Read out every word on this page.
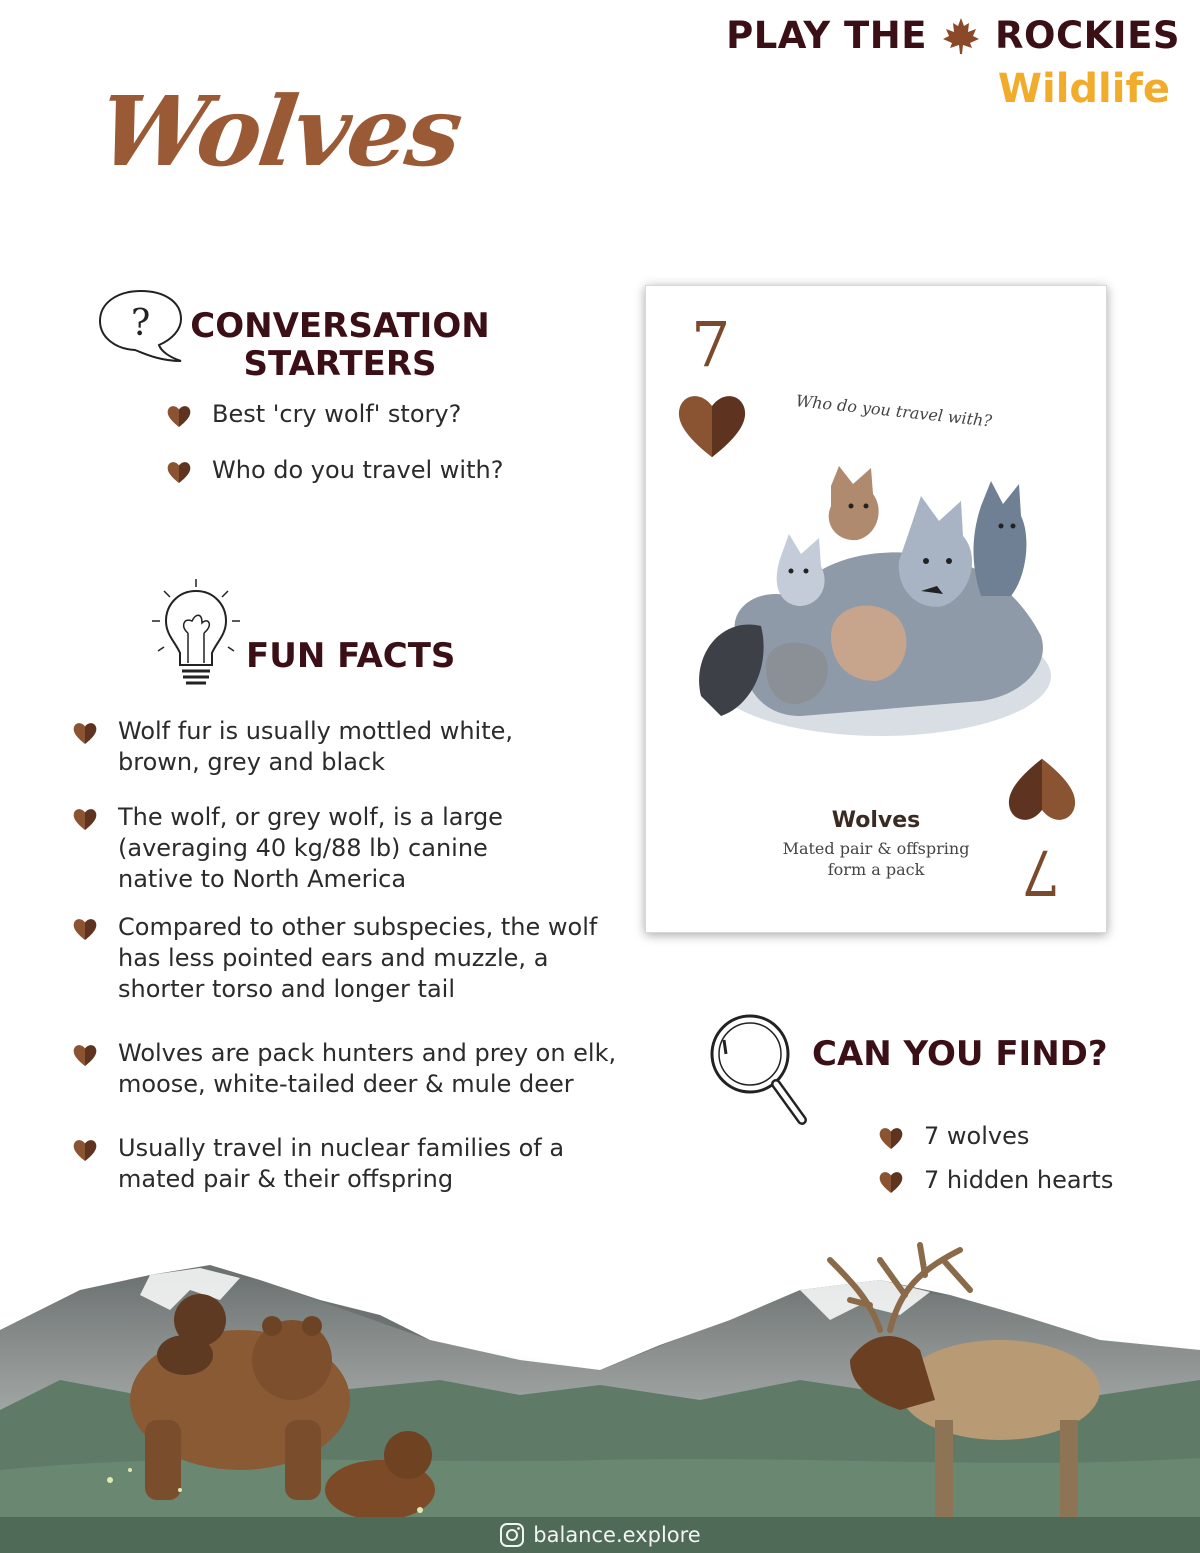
PLAY THE ROCKIES
Wildlife
Wolves
? CONVERSATION
STARTERS
Best 'cry wolf' story?
Who do you travel with?
FUN FACTS
Wolf fur is usually mottled white, brown, grey and black
The wolf, or grey wolf, is a large (averaging 40 kg/88 lb) canine native to North America
Compared to other subspecies, the wolf has less pointed ears and muzzle, a shorter torso and longer tail
Wolves are pack hunters and prey on elk, moose, white-tailed deer & mule deer
Usually travel in nuclear families of a mated pair & their offspring
7
Who do you travel with?
Wolves
Mated pair & offspring
form a pack	7
CAN YOU FIND?
7 wolves
7 hidden hearts
balance.explore
